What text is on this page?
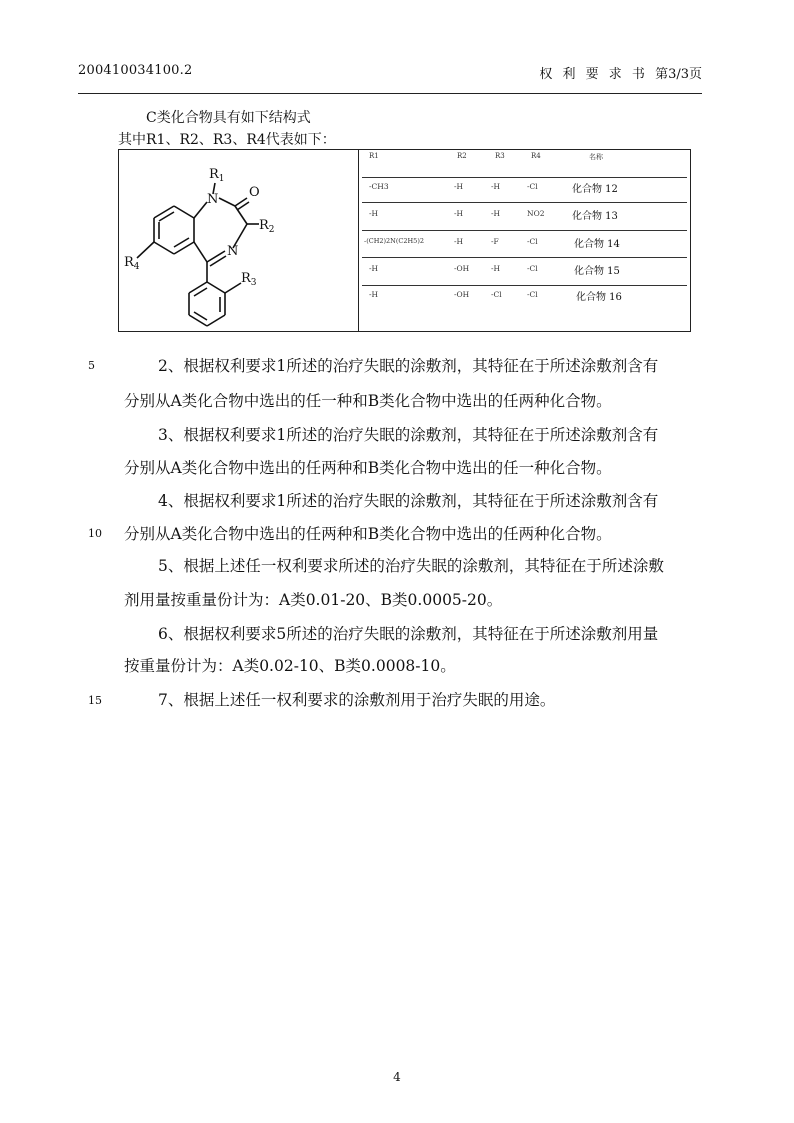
200410034100.2	权 利 要 求 书 第3/3页
C类化合物具有如下结构式
其中R1、R2、R3、R4代表如下：
$R_1$
O
N
$R_2$
N
$R_4$
$R_3$
R1	R2	R3	R4	名称
-CH3	-H	-H	-Cl	化合物 12
-H	-H	-H	NO2	化合物 13
-(CH2)2N(C2H5)2	-H	-F	-Cl	化合物 14
-H	-OH	-H	-Cl	化合物 15
-H	-OH	-Cl	-Cl	化合物 16
5	2、根据权利要求1所述的治疗失眠的涂敷剂，其特征在于所述涂敷剂含有
分别从A类化合物中选出的任一种和B类化合物中选出的任两种化合物。
3、根据权利要求1所述的治疗失眠的涂敷剂，其特征在于所述涂敷剂含有
分别从A类化合物中选出的任两种和B类化合物中选出的任一种化合物。
4、根据权利要求1所述的治疗失眠的涂敷剂，其特征在于所述涂敷剂含有
10 分别从A类化合物中选出的任两种和B类化合物中选出的任两种化合物。
5、根据上述任一权利要求所述的治疗失眠的涂敷剂，其特征在于所述涂敷
剂用量按重量份计为：A类0.01-20、B类0.0005-20。
6、根据权利要求5所述的治疗失眠的涂敷剂，其特征在于所述涂敷剂用量
按重量份计为：A类0.02-10、B类0.0008-10。
15	7、根据上述任一权利要求的涂敷剂用于治疗失眠的用途。
4
